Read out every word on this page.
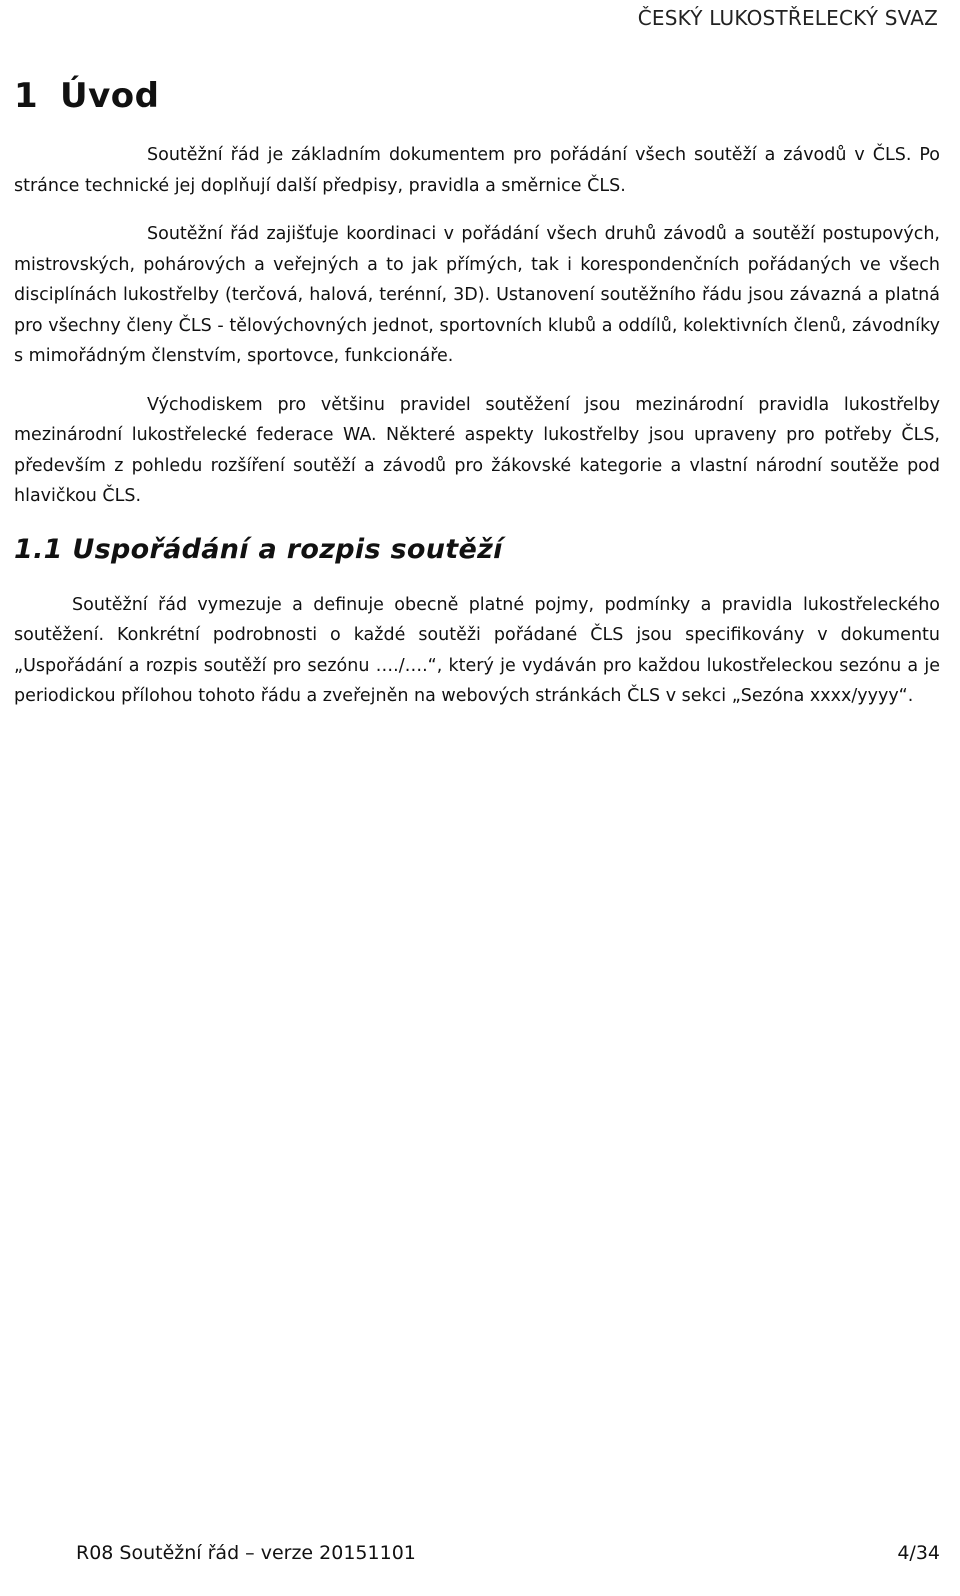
ČESKÝ LUKOSTŘELECKÝ SVAZ
1 Úvod

Soutěžní řád je základním dokumentem pro pořádání všech soutěží a závodů v ČLS. Po stránce technické jej doplňují další předpisy, pravidla a směrnice ČLS.

Soutěžní řád zajišťuje koordinaci v pořádání všech druhů závodů a soutěží postupových, mistrovských, pohárových a veřejných a to jak přímých, tak i korespondenčních pořádaných ve všech disciplínách lukostřelby (terčová, halová, terénní, 3D). Ustanovení soutěžního řádu jsou závazná a platná pro všechny členy ČLS - tělovýchovných jednot, sportovních klubů a oddílů, kolektivních členů, závodníky s mimořádným členstvím, sportovce, funkcionáře.

Východiskem pro většinu pravidel soutěžení jsou mezinárodní pravidla lukostřelby mezinárodní lukostřelecké federace WA. Některé aspekty lukostřelby jsou upraveny pro potřeby ČLS, především z pohledu rozšíření soutěží a závodů pro žákovské kategorie a vlastní národní soutěže pod hlavičkou ČLS.

1.1 Uspořádání a rozpis soutěží

Soutěžní řád vymezuje a definuje obecně platné pojmy, podmínky a pravidla lukostřeleckého soutěžení. Konkrétní podrobnosti o každé soutěži pořádané ČLS jsou specifikovány v dokumentu „Uspořádání a rozpis soutěží pro sezónu …./….“, který je vydáván pro každou lukostřeleckou sezónu a je periodickou přílohou tohoto řádu a zveřejněn na webových stránkách ČLS v sekci „Sezóna xxxx/yyyy“.

R08 Soutěžní řád – verze 20151101	4/34
